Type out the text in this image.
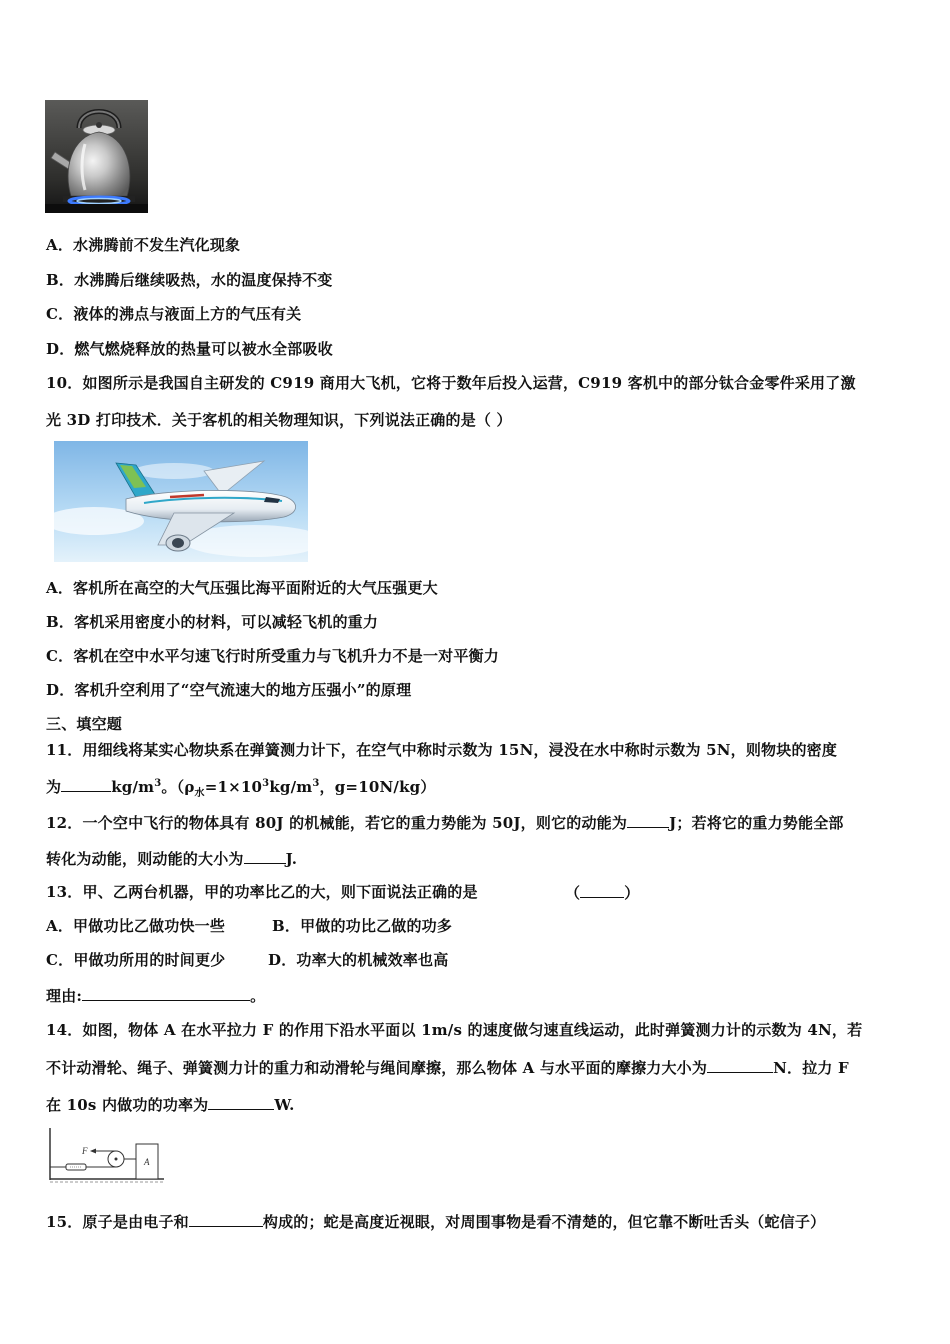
A．水沸腾前不发生汽化现象
B．水沸腾后继续吸热，水的温度保持不变
C．液体的沸点与液面上方的气压有关
D．燃气燃烧释放的热量可以被水全部吸收
10．如图所示是我国自主研发的 C919 商用大飞机，它将于数年后投入运营，C919 客机中的部分钛合金零件采用了激
光 3D 打印技术．关于客机的相关物理知识，下列说法正确的是（ ）
A．客机所在高空的大气压强比海平面附近的大气压强更大
B．客机采用密度小的材料，可以减轻飞机的重力
C．客机在空中水平匀速飞行时所受重力与飞机升力不是一对平衡力
D．客机升空利用了“空气流速大的地方压强小”的原理
三、填空题
11．用细线将某实心物块系在弹簧测力计下，在空气中称时示数为 15N，浸没在水中称时示数为 5N，则物块的密度
为	$kg/m^3$。（$\rho_水=1\times 10^3kg/m^3$，g=10N/kg）
12．一个空中飞行的物体具有 80J 的机械能，若它的重力势能为 50J，则它的动能为	J；若将它的重力势能全部
转化为动能，则动能的大小为	J.
13．甲、乙两台机器，甲的功率比乙的大，则下面说法正确的是	（	）
A．甲做功比乙做功快一些	B．甲做的功比乙做的功多
C．甲做功所用的时间更少	D．功率大的机械效率也高
理由:	。
14．如图，物体 A 在水平拉力 F 的作用下沿水平面以 1m/s 的速度做匀速直线运动，此时弹簧测力计的示数为 4N，若
不计动滑轮、绳子、弹簧测力计的重力和动滑轮与绳间摩擦，那么物体 A 与水平面的摩擦力大小为	N．拉力 F
在 10s 内做功的功率为	W.
F
A
15．原子是由电子和	构成的；蛇是高度近视眼，对周围事物是看不清楚的，但它靠不断吐舌头（蛇信子）
